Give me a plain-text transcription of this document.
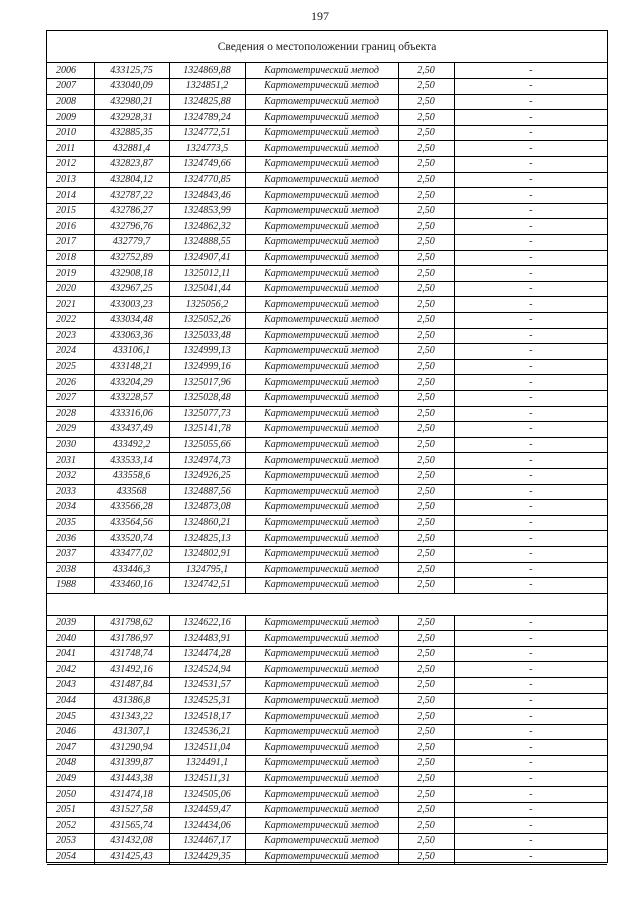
197
Сведения о местоположении границ объекта
2006	433125,75	1324869,88	Картометрический метод	2,50	-
2007	433040,09	1324851,2	Картометрический метод	2,50	-
2008	432980,21	1324825,88	Картометрический метод	2,50	-
2009	432928,31	1324789,24	Картометрический метод	2,50	-
2010	432885,35	1324772,51	Картометрический метод	2,50	-
2011	432881,4	1324773,5	Картометрический метод	2,50	-
2012	432823,87	1324749,66	Картометрический метод	2,50	-
2013	432804,12	1324770,85	Картометрический метод	2,50	-
2014	432787,22	1324843,46	Картометрический метод	2,50	-
2015	432786,27	1324853,99	Картометрический метод	2,50	-
2016	432796,76	1324862,32	Картометрический метод	2,50	-
2017	432779,7	1324888,55	Картометрический метод	2,50	-
2018	432752,89	1324907,41	Картометрический метод	2,50	-
2019	432908,18	1325012,11	Картометрический метод	2,50	-
2020	432967,25	1325041,44	Картометрический метод	2,50	-
2021	433003,23	1325056,2	Картометрический метод	2,50	-
2022	433034,48	1325052,26	Картометрический метод	2,50	-
2023	433063,36	1325033,48	Картометрический метод	2,50	-
2024	433106,1	1324999,13	Картометрический метод	2,50	-
2025	433148,21	1324999,16	Картометрический метод	2,50	-
2026	433204,29	1325017,96	Картометрический метод	2,50	-
2027	433228,57	1325028,48	Картометрический метод	2,50	-
2028	433316,06	1325077,73	Картометрический метод	2,50	-
2029	433437,49	1325141,78	Картометрический метод	2,50	-
2030	433492,2	1325055,66	Картометрический метод	2,50	-
2031	433533,14	1324974,73	Картометрический метод	2,50	-
2032	433558,6	1324926,25	Картометрический метод	2,50	-
2033	433568	1324887,56	Картометрический метод	2,50	-
2034	433566,28	1324873,08	Картометрический метод	2,50	-
2035	433564,56	1324860,21	Картометрический метод	2,50	-
2036	433520,74	1324825,13	Картометрический метод	2,50	-
2037	433477,02	1324802,91	Картометрический метод	2,50	-
2038	433446,3	1324795,1	Картометрический метод	2,50	-
1988	433460,16	1324742,51	Картометрический метод	2,50	-

2039	431798,62	1324622,16	Картометрический метод	2,50	-
2040	431786,97	1324483,91	Картометрический метод	2,50	-
2041	431748,74	1324474,28	Картометрический метод	2,50	-
2042	431492,16	1324524,94	Картометрический метод	2,50	-
2043	431487,84	1324531,57	Картометрический метод	2,50	-
2044	431386,8	1324525,31	Картометрический метод	2,50	-
2045	431343,22	1324518,17	Картометрический метод	2,50	-
2046	431307,1	1324536,21	Картометрический метод	2,50	-
2047	431290,94	1324511,04	Картометрический метод	2,50	-
2048	431399,87	1324491,1	Картометрический метод	2,50	-
2049	431443,38	1324511,31	Картометрический метод	2,50	-
2050	431474,18	1324505,06	Картометрический метод	2,50	-
2051	431527,58	1324459,47	Картометрический метод	2,50	-
2052	431565,74	1324434,06	Картометрический метод	2,50	-
2053	431432,08	1324467,17	Картометрический метод	2,50	-
2054	431425,43	1324429,35	Картометрический метод	2,50	-
